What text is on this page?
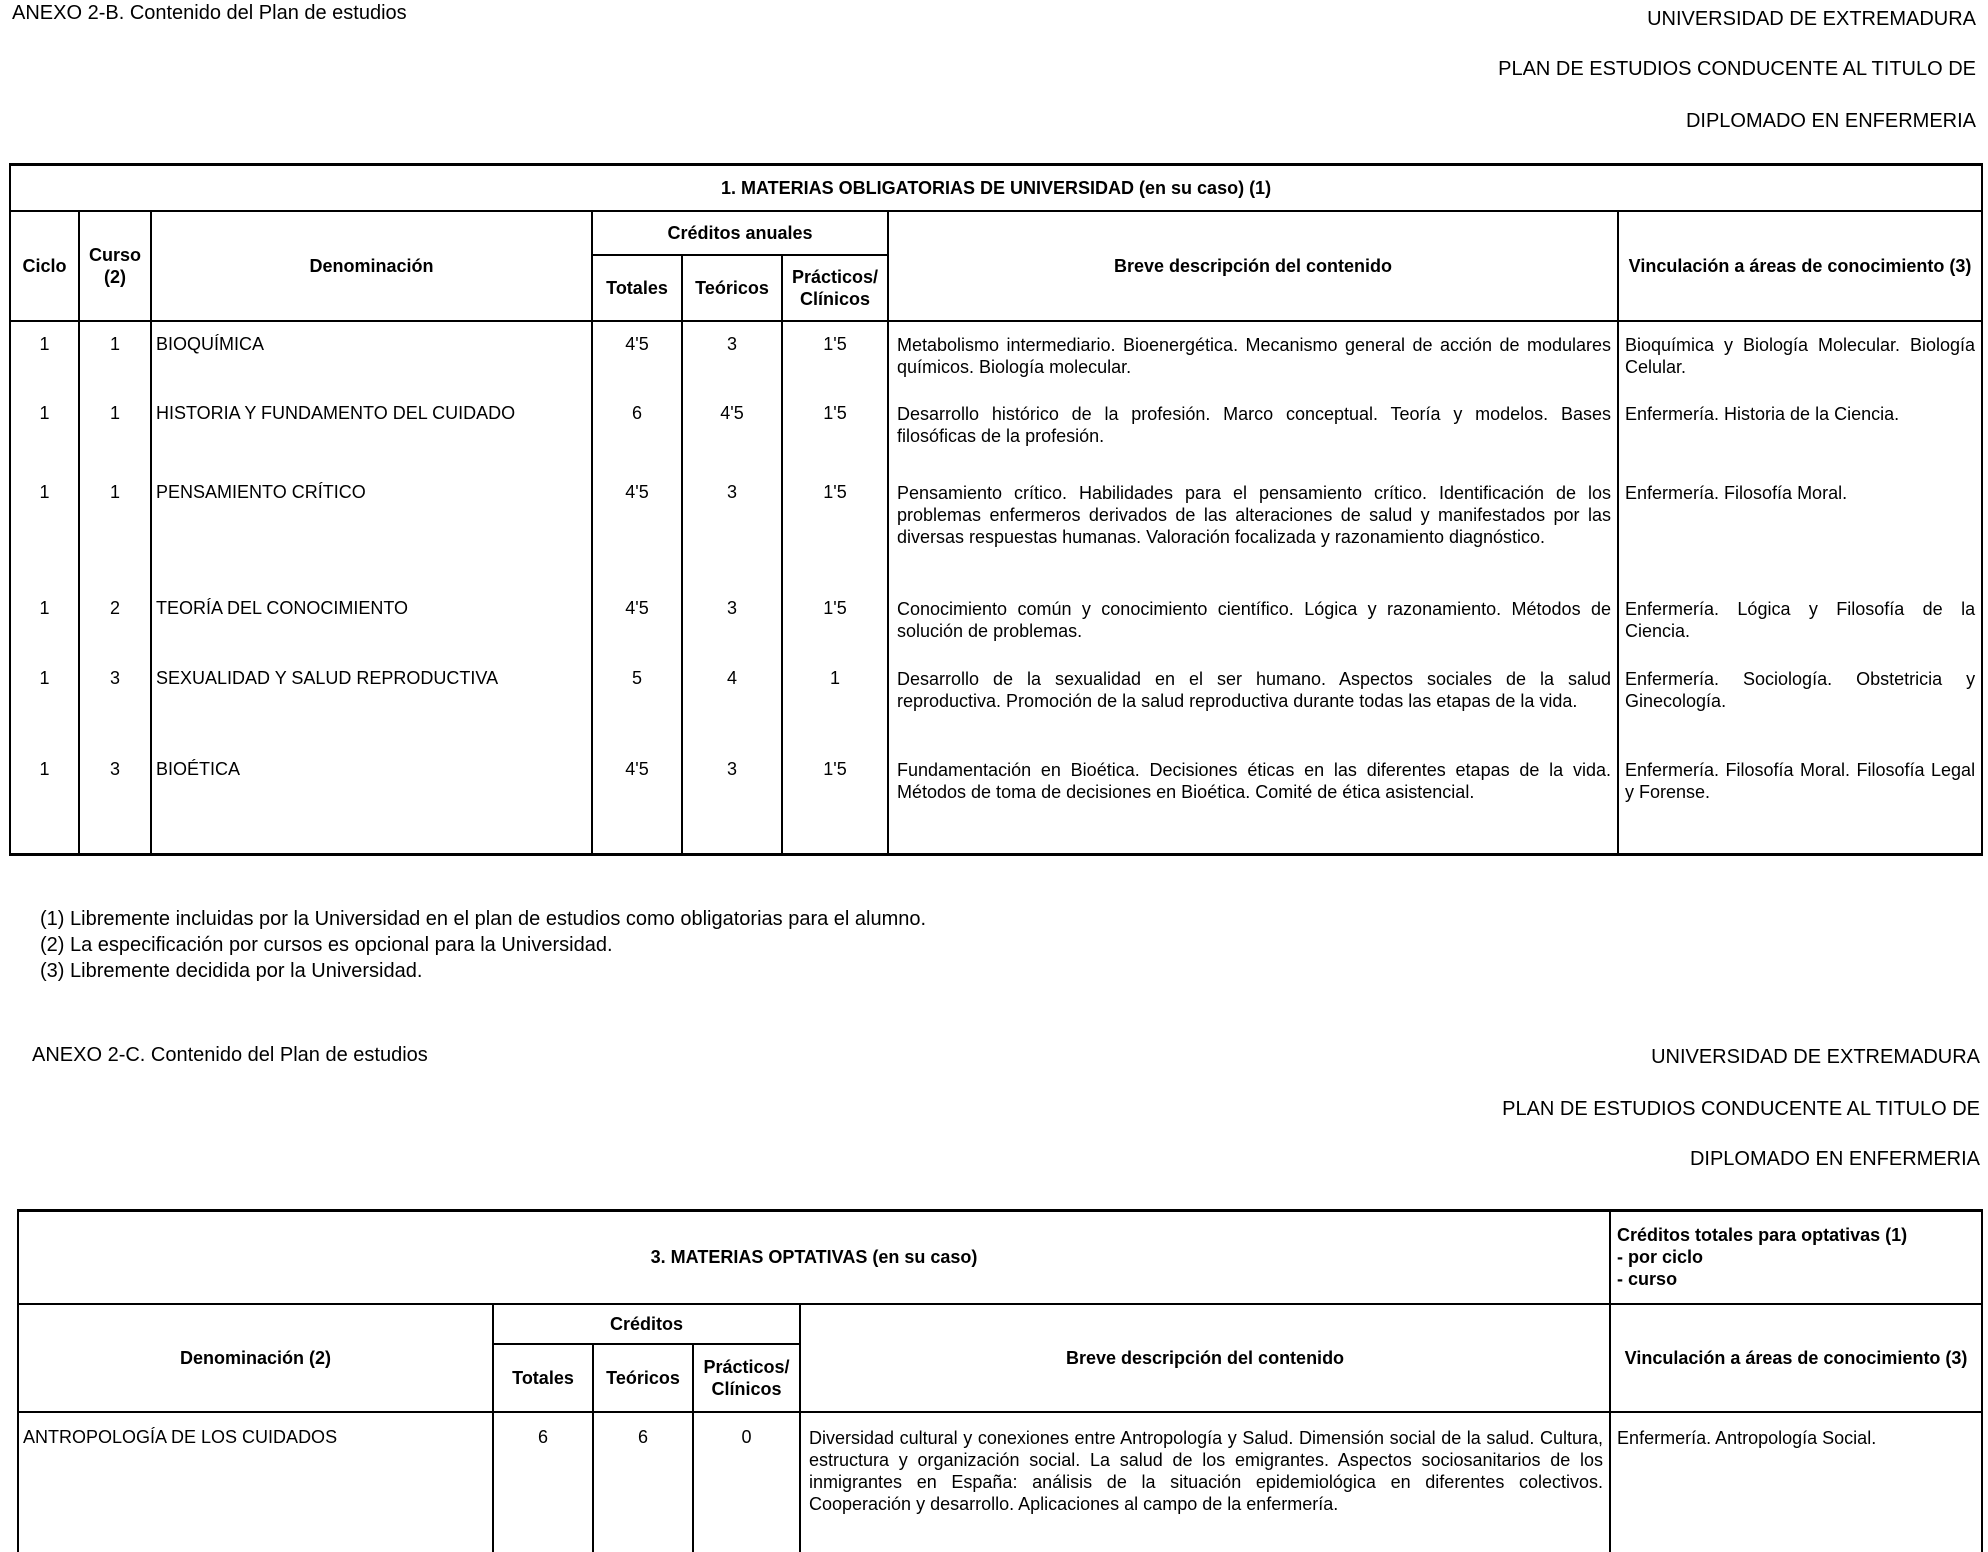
ANEXO 2-B. Contenido del Plan de estudios	UNIVERSIDAD DE EXTREMADURA
PLAN DE ESTUDIOS CONDUCENTE AL TITULO DE
DIPLOMADO EN ENFERMERIA
1. MATERIAS OBLIGATORIAS DE UNIVERSIDAD (en su caso) (1)							
Ciclo	Curso (2)	Denominación	Créditos anuales			Breve descripción del contenido	Vinculación a áreas de conocimiento (3)
			Totales	Teóricos	Prácticos/ Clínicos		
1	1	BIOQUÍMICA	4'5	3	1'5	Metabolismo intermediario. Bioenergética. Mecanismo general de acción de modulares químicos. Biología molecular.	Bioquímica y Biología Molecular. Biología Celular.
1	1	HISTORIA Y FUNDAMENTO DEL CUIDADO	6	4'5	1'5	Desarrollo histórico de la profesión. Marco conceptual. Teoría y modelos. Bases filosóficas de la profesión.	Enfermería. Historia de la Ciencia.
1	1	PENSAMIENTO CRÍTICO	4'5	3	1'5	Pensamiento crítico. Habilidades para el pensamiento crítico. Identificación de los problemas enfermeros derivados de las alteraciones de salud y manifestados por las diversas respuestas humanas. Valoración focalizada y razonamiento diagnóstico.	Enfermería. Filosofía Moral.
1	2	TEORÍA DEL CONOCIMIENTO	4'5	3	1'5	Conocimiento común y conocimiento científico. Lógica y razonamiento. Métodos de solución de problemas.	Enfermería. Lógica y Filosofía de la Ciencia.
1	3	SEXUALIDAD Y SALUD REPRODUCTIVA	5	4	1	Desarrollo de la sexualidad en el ser humano. Aspectos sociales de la salud reproductiva. Promoción de la salud reproductiva durante todas las etapas de la vida.	Enfermería. Sociología. Obstetricia y Ginecología.
1	3	BIOÉTICA	4'5	3	1'5	Fundamentación en Bioética. Decisiones éticas en las diferentes etapas de la vida. Métodos de toma de decisiones en Bioética. Comité de ética asistencial.	Enfermería. Filosofía Moral. Filosofía Legal y Forense.
(1) Libremente incluidas por la Universidad en el plan de estudios como obligatorias para el alumno.
(2) La especificación por cursos es opcional para la Universidad.
(3) Libremente decidida por la Universidad.
ANEXO 2-C. Contenido del Plan de estudios	UNIVERSIDAD DE EXTREMADURA
PLAN DE ESTUDIOS CONDUCENTE AL TITULO DE
DIPLOMADO EN ENFERMERIA
3. MATERIAS OPTATIVAS (en su caso)					Créditos totales para optativas (1)
- por ciclo
- curso

Denominación (2)	Créditos			Breve descripción del contenido	Vinculación a áreas de conocimiento (3)
	Totales	Teóricos	Prácticos/ Clínicos		
ANTROPOLOGÍA DE LOS CUIDADOS	6	6	0	Diversidad cultural y conexiones entre Antropología y Salud. Dimensión social de la salud. Cultura, estructura y organización social. La salud de los emigrantes. Aspectos sociosanitarios de los inmigrantes en España: análisis de la situación epidemiológica en diferentes colectivos. Cooperación y desarrollo. Aplicaciones al campo de la enfermería.	Enfermería. Antropología Social.
